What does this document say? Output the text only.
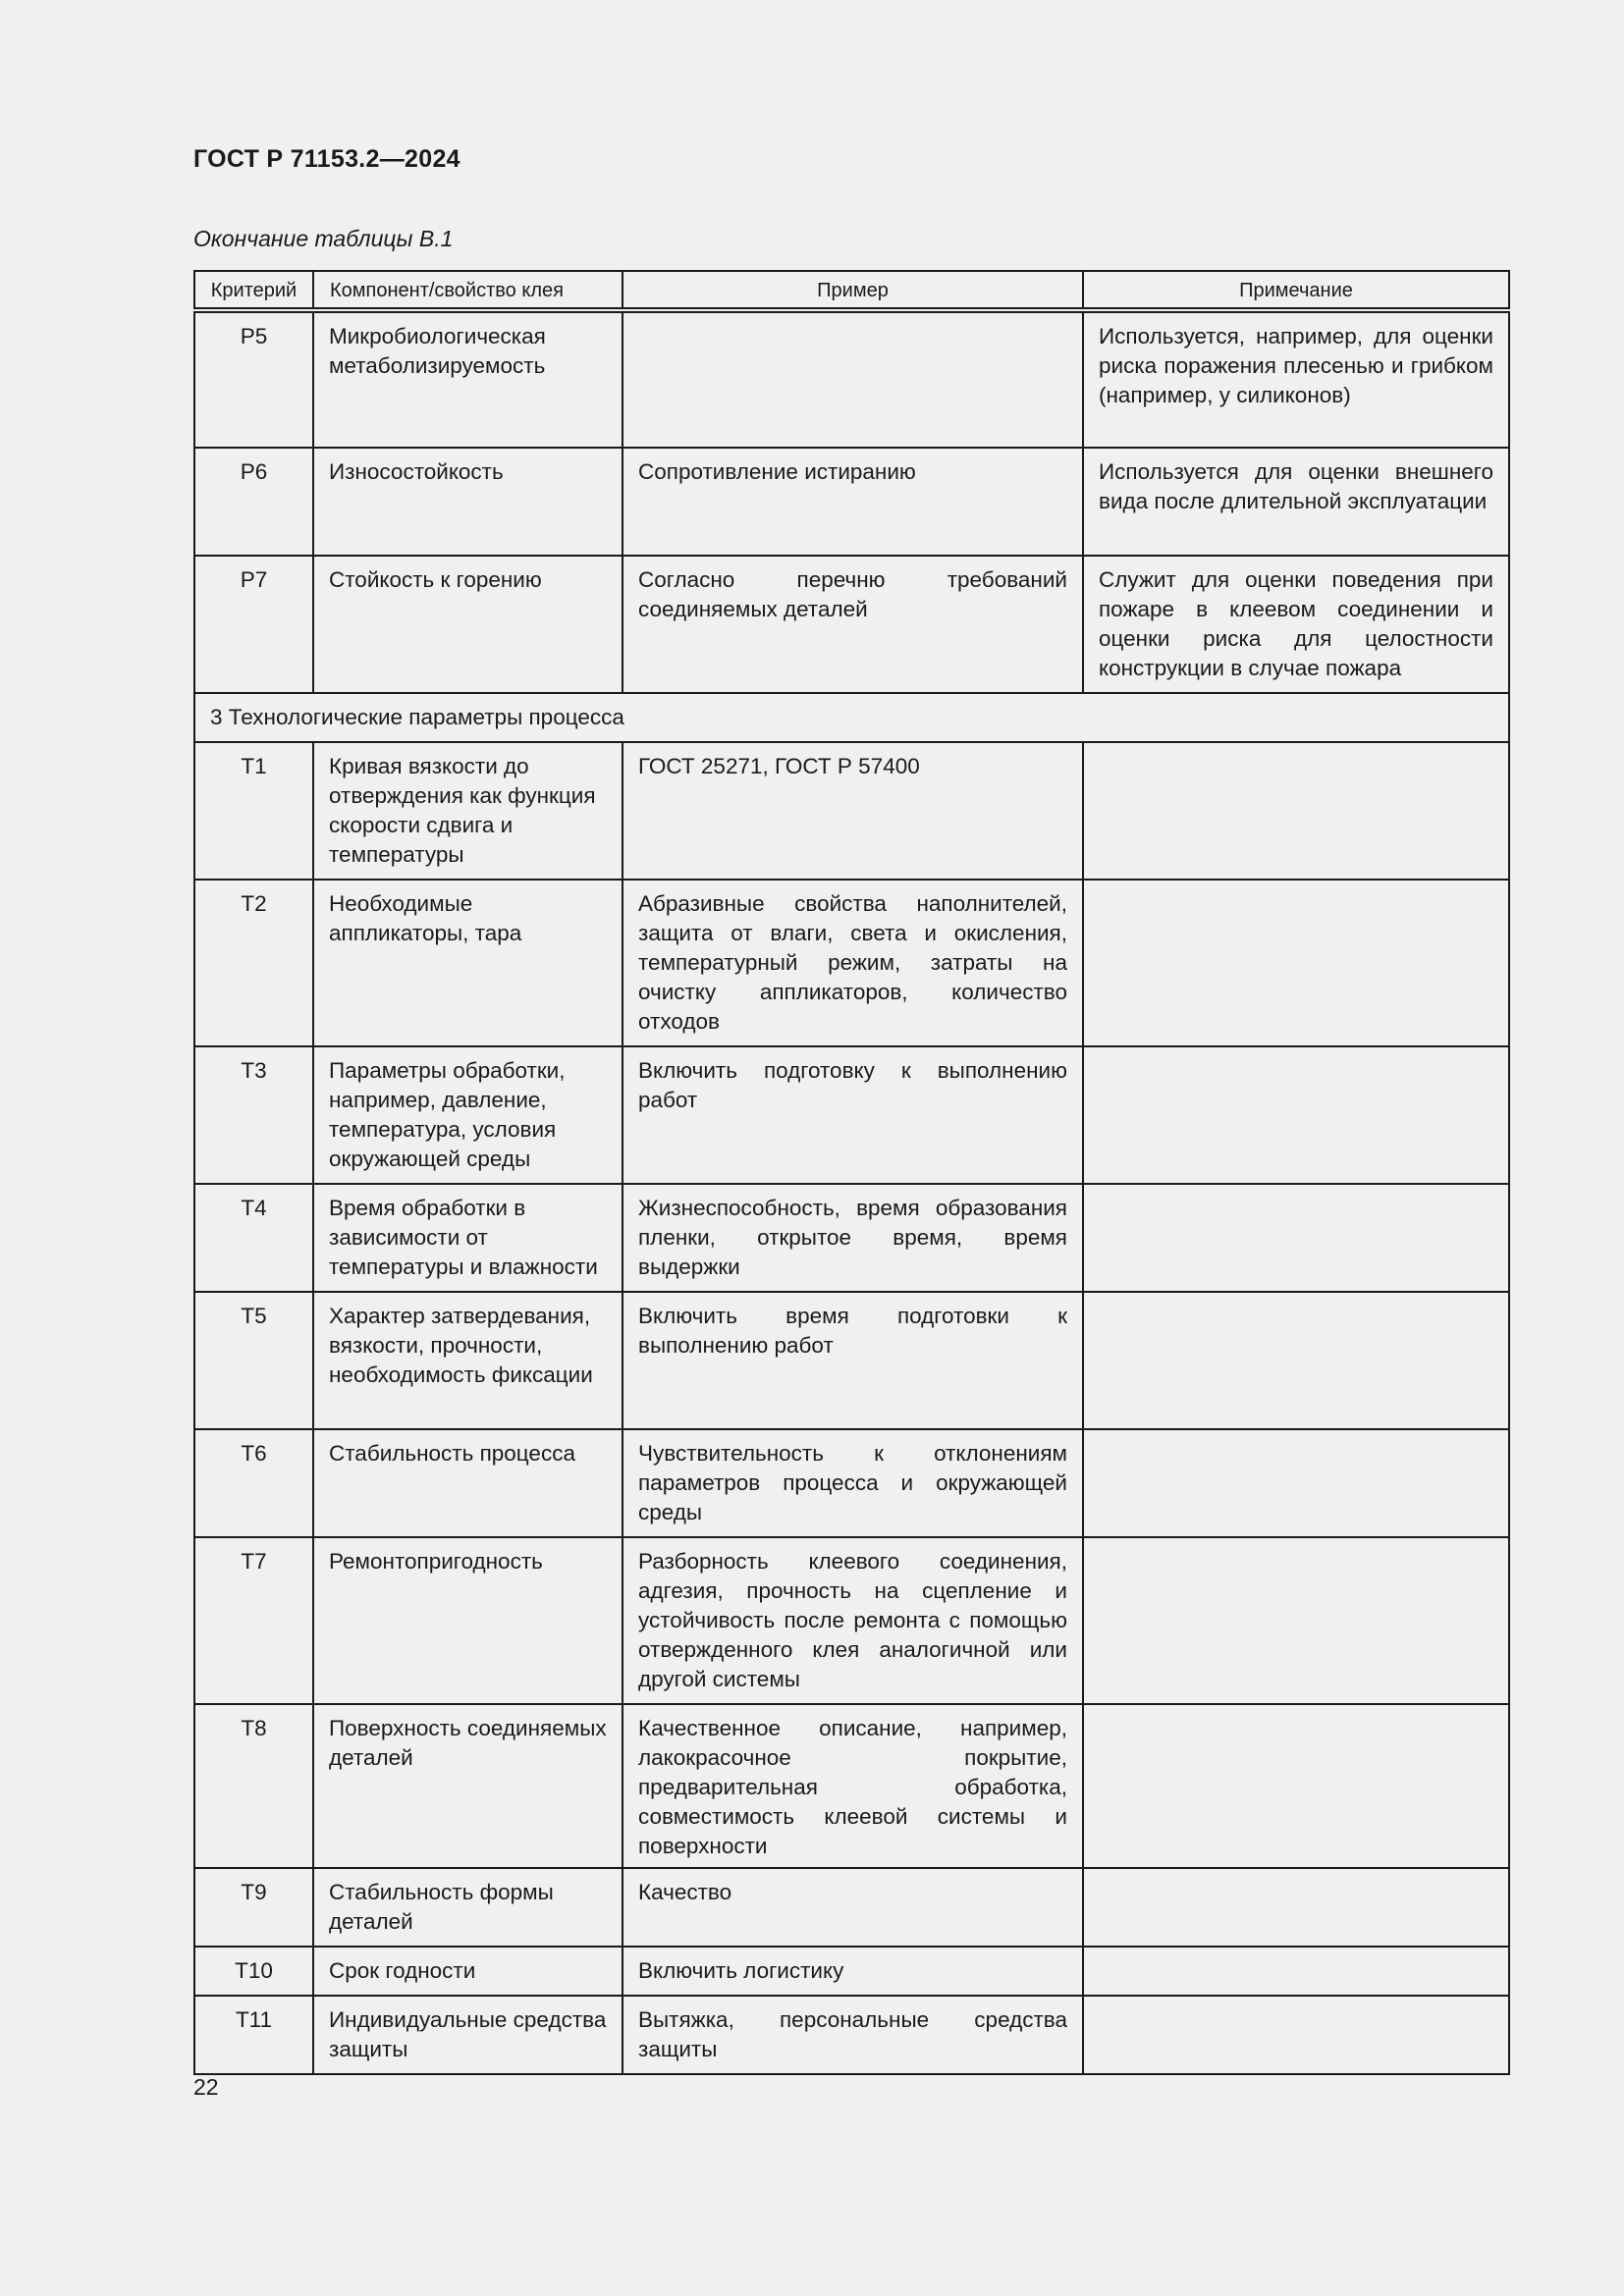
ГОСТ Р 71153.2—2024
Окончание таблицы В.1
Критерий	Компонент/свойство клея	Пример	Примечание
P5	Микробиологическая метаболизируемость		Используется, например, для оценки риска поражения плесенью и грибком (например, у силиконов)
P6	Износостойкость	Сопротивление истиранию	Используется для оценки внешнего вида после длительной эксплуатации
P7	Стойкость к горению	Согласно перечню требований соединяемых деталей	Служит для оценки поведения при пожаре в клеевом соединении и оценки риска для целостности конструкции в случае пожара
3 Технологические параметры процесса			
T1	Кривая вязкости до отверждения как функция скорости сдвига и температуры	ГОСТ 25271, ГОСТ Р 57400	
T2	Необходимые аппликаторы, тара	Абразивные свойства наполнителей, защита от влаги, света и окисления, температурный режим, затраты на очистку аппликаторов, количество отходов	
T3	Параметры обработки, например, давление, температура, условия окружающей среды	Включить подготовку к выполнению работ	
T4	Время обработки в зависимости от температуры и влажности	Жизнеспособность, время образования пленки, открытое время, время выдержки	
T5	Характер затвердевания, вязкости, прочности, необходимость фиксации	Включить время подготовки к выполнению работ	
T6	Стабильность процесса	Чувствительность к отклонениям параметров процесса и окружающей среды	
T7	Ремонтопригодность	Разборность клеевого соединения, адгезия, прочность на сцепление и устойчивость после ремонта с помощью отвержденного клея аналогичной или другой системы	
T8	Поверхность соединяемых деталей	Качественное описание, например, лакокрасочное покрытие, предварительная обработка, совместимость клеевой системы и поверхности	
T9	Стабильность формы деталей	Качество	
T10	Срок годности	Включить логистику	
T11	Индивидуальные средства защиты	Вытяжка, персональные средства защиты	
22
